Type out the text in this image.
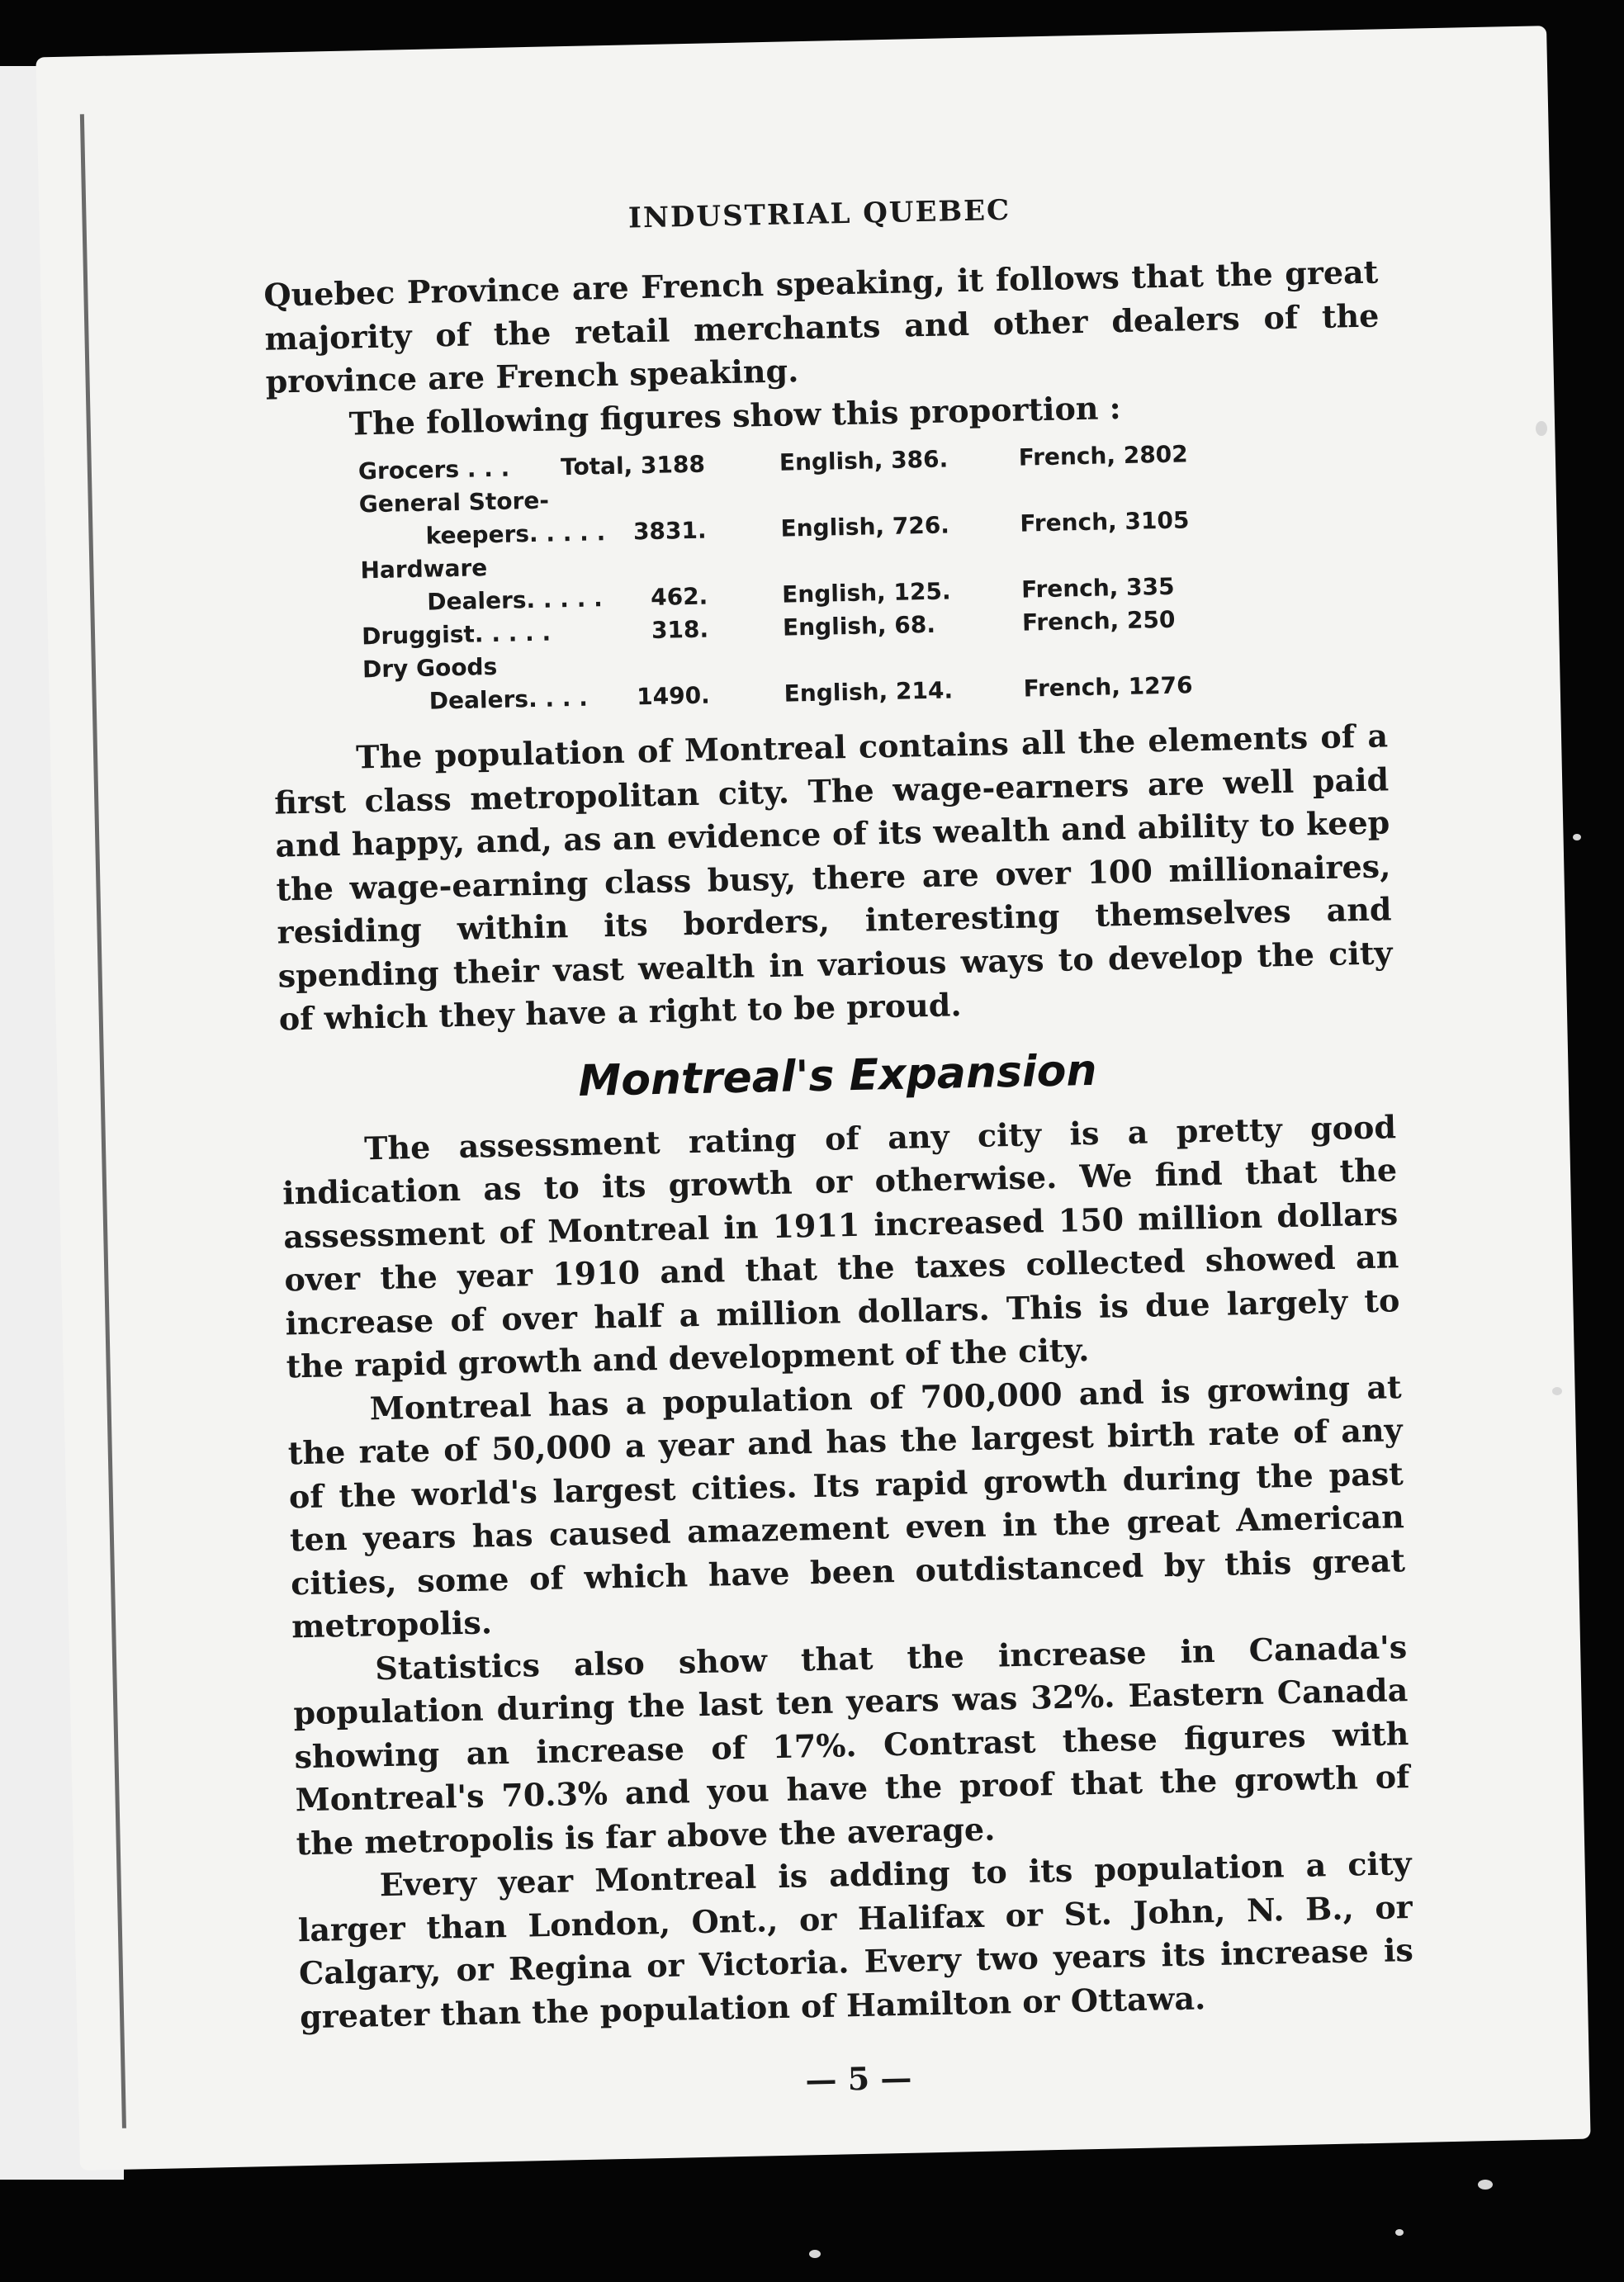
INDUSTRIAL QUEBEC

Quebec Province are French speaking, it follows that the great majority of the retail merchants and other dealers of the province are French speaking.

The following figures show this proportion :

Grocers . . .	Total, 3188	English, 386.	French, 2802
General Store-
keepers. . . . .	3831.	English, 726.	French, 3105
Hardware
Dealers. . . . .	462.	English, 125.	French, 335
Druggist. . . . .	318.	English, 68.	French, 250
Dry Goods
Dealers. . . .	1490.	English, 214.	French, 1276

The population of Montreal contains all the elements of a first class metropolitan city. The wage-earners are well paid and happy, and, as an evidence of its wealth and ability to keep the wage-earning class busy, there are over 100 millionaires, residing within its borders, interesting themselves and spending their vast wealth in various ways to develop the city of which they have a right to be proud.

Montreal's Expansion

The assessment rating of any city is a pretty good indication as to its growth or otherwise. We find that the assessment of Montreal in 1911 increased 150 million dollars over the year 1910 and that the taxes collected showed an increase of over half a million dollars. This is due largely to the rapid growth and development of the city.

Montreal has a population of 700,000 and is growing at the rate of 50,000 a year and has the largest birth rate of any of the world's largest cities. Its rapid growth during the past ten years has caused amazement even in the great American cities, some of which have been outdistanced by this great metropolis.

Statistics also show that the increase in Canada's population during the last ten years was 32%. Eastern Canada showing an increase of 17%. Contrast these figures with Montreal's 70.3% and you have the proof that the growth of the metropolis is far above the average.

Every year Montreal is adding to its population a city larger than London, Ont., or Halifax or St. John, N. B., or Calgary, or Regina or Victoria. Every two years its increase is greater than the population of Hamilton or Ottawa.

— 5 —
